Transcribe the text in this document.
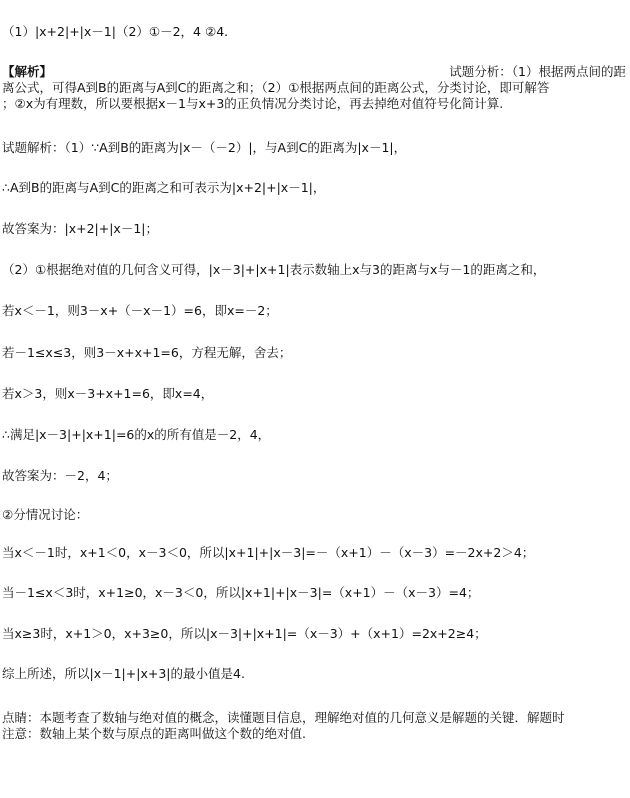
（1）|x+2|+|x－1|（2）①－2，4 ②4.
【解析】	试题分析：（1）根据两点间的距
离公式，可得A到B的距离与A到C的距离之和；（2）①根据两点间的距离公式，分类讨论，即可解答
；②x为有理数，所以要根据x－1与x+3的正负情况分类讨论，再去掉绝对值符号化简计算.
试题解析：（1）∵A到B的距离为|x－（－2）|，与A到C的距离为|x－1|，
∴A到B的距离与A到C的距离之和可表示为|x+2|+|x－1|，
故答案为：|x+2|+|x－1|；
（2）①根据绝对值的几何含义可得，|x－3|+|x+1|表示数轴上x与3的距离与x与－1的距离之和，
若x＜－1，则3－x+（－x－1）=6，即x=－2；
若－1≤x≤3，则3－x+x+1=6，方程无解，舍去；
若x＞3，则x－3+x+1=6，即x=4，
∴满足|x－3|+|x+1|=6的x的所有值是－2，4，
故答案为：－2，4；
②分情况讨论：
当x＜－1时，x+1＜0，x－3＜0，所以|x+1|+|x－3|=－（x+1）－（x－3）=－2x+2＞4；
当－1≤x＜3时，x+1≥0，x－3＜0，所以|x+1|+|x－3|=（x+1）－（x－3）=4；
当x≥3时，x+1＞0，x+3≥0，所以|x－3|+|x+1|=（x－3）+（x+1）=2x+2≥4；
综上所述，所以|x－1|+|x+3|的最小值是4.
点睛：本题考查了数轴与绝对值的概念，读懂题目信息，理解绝对值的几何意义是解题的关键．解题时
注意：数轴上某个数与原点的距离叫做这个数的绝对值.
